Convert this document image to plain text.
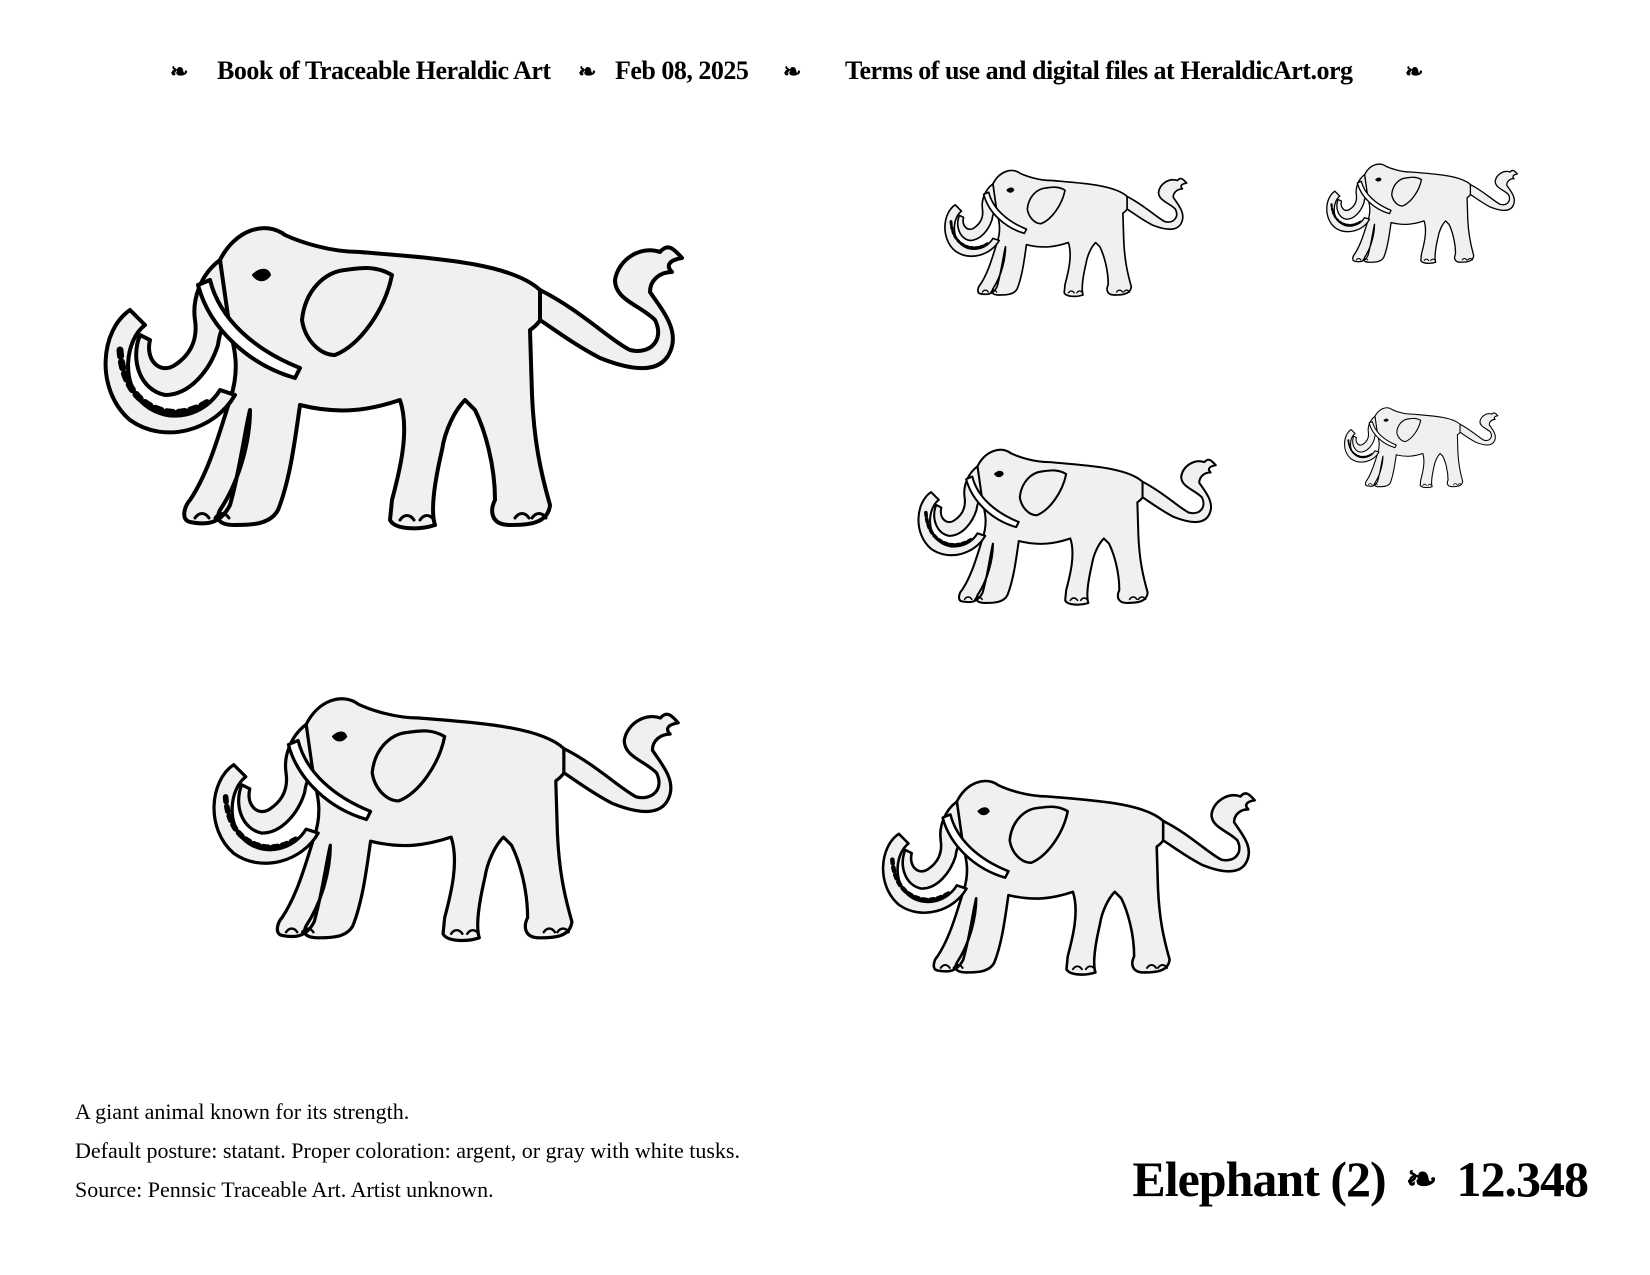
❧ Book of Traceable Heraldic Art ❧ Feb 08, 2025 ❧ Terms of use and digital files at HeraldicArt.org ❧
A giant animal known for its strength.
Default posture: statant. Proper coloration: argent, or gray with white tusks.
Source: Pennsic Traceable Art. Artist unknown.	Elephant (2) ❧ 12.348
